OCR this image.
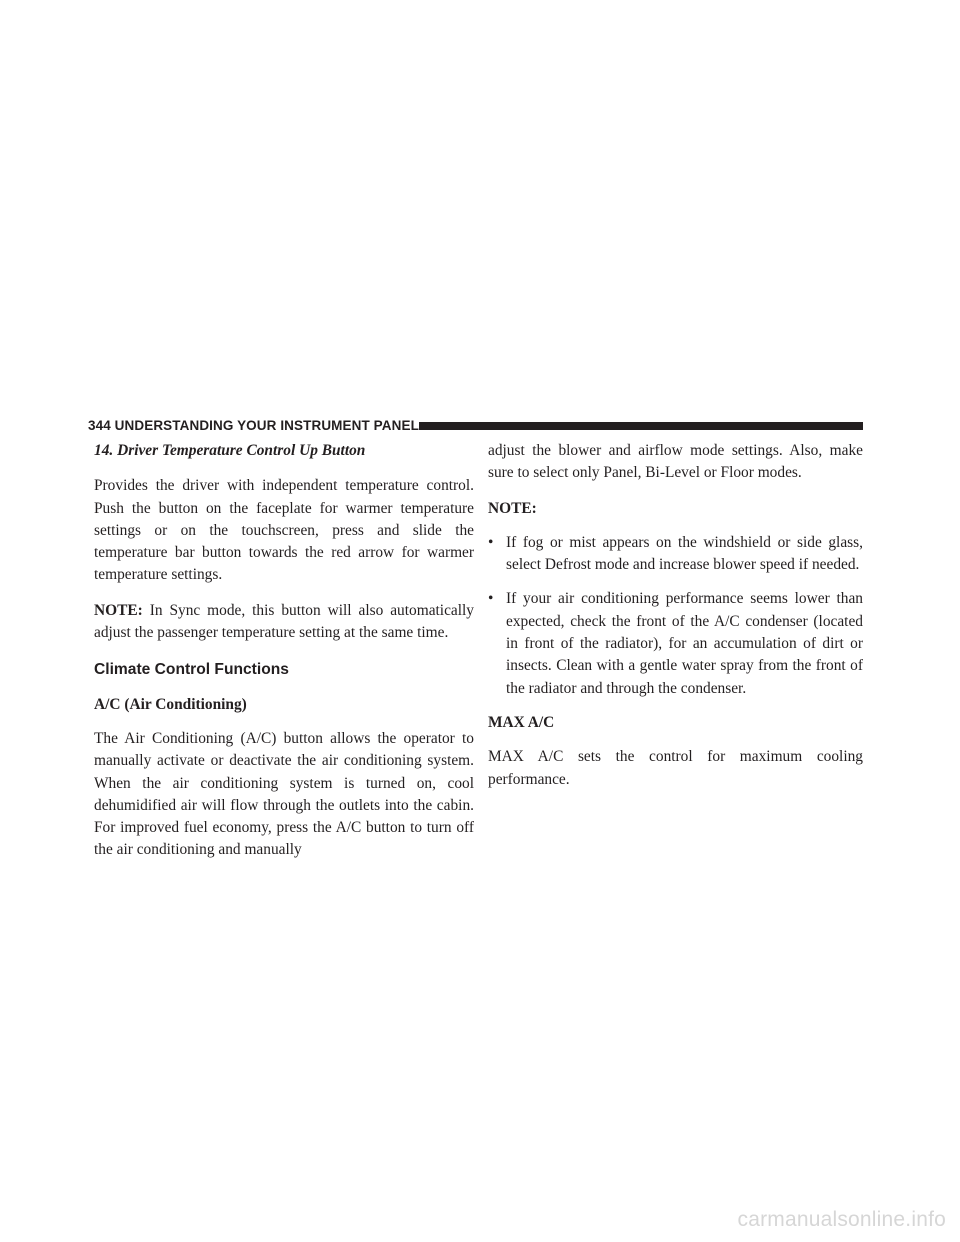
344 UNDERSTANDING YOUR INSTRUMENT PANEL
14. Driver Temperature Control Up Button

Provides the driver with independent temperature control. Push the button on the faceplate for warmer temperature settings or on the touchscreen, press and slide the temperature bar button towards the red arrow for warmer temperature settings.

NOTE: In Sync mode, this button will also automatically adjust the passenger temperature setting at the same time.

Climate Control Functions
A/C (Air Conditioning)

The Air Conditioning (A/C) button allows the operator to manually activate or deactivate the air conditioning system. When the air conditioning system is turned on, cool dehumidified air will flow through the outlets into the cabin. For improved fuel economy, press the A/C button to turn off the air conditioning and manually

adjust the blower and airflow mode settings. Also, make sure to select only Panel, Bi-Level or Floor modes.

NOTE:
• If fog or mist appears on the windshield or side glass, select Defrost mode and increase blower speed if needed.
• If your air conditioning performance seems lower than expected, check the front of the A/C condenser (located in front of the radiator), for an accumulation of dirt or insects. Clean with a gentle water spray from the front of the radiator and through the condenser.
MAX A/C

MAX A/C sets the control for maximum cooling performance.

carmanualsonline.info
